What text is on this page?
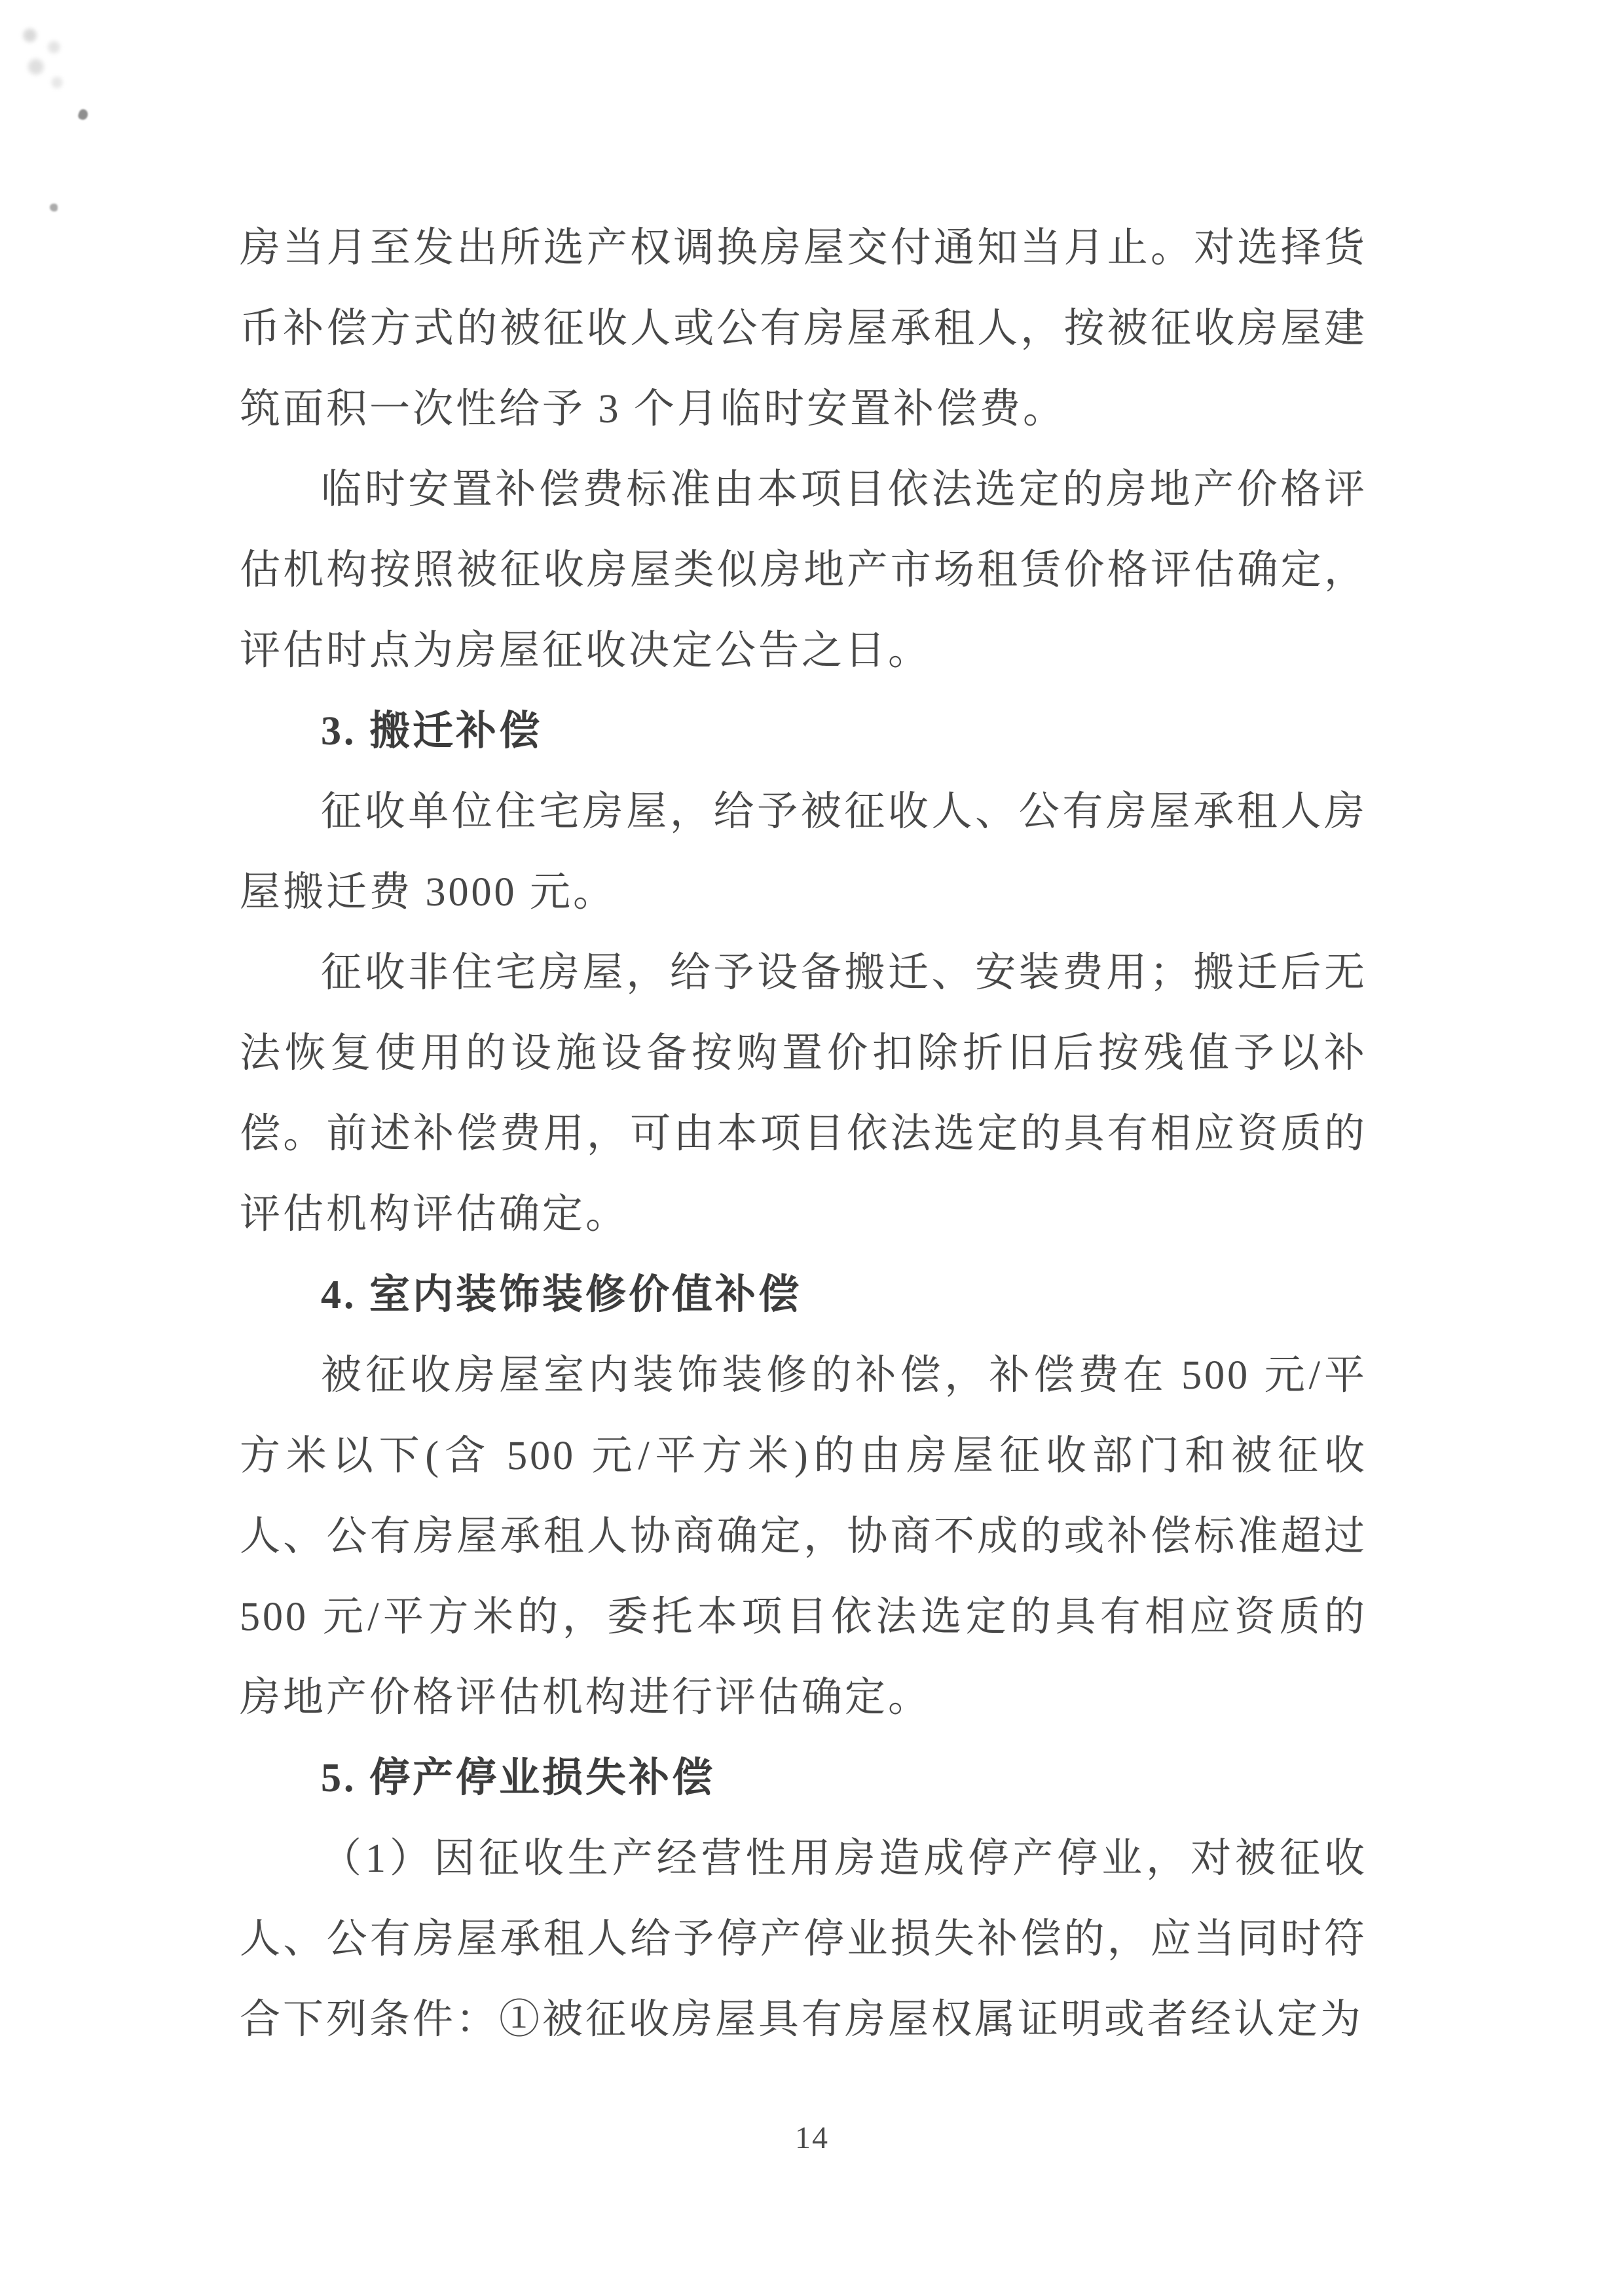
房当月至发出所选产权调换房屋交付通知当月止。对选择货币补偿方式的被征收人或公有房屋承租人，按被征收房屋建筑面积一次性给予 3 个月临时安置补偿费。

临时安置补偿费标准由本项目依法选定的房地产价格评估机构按照被征收房屋类似房地产市场租赁价格评估确定，评估时点为房屋征收决定公告之日。

3. 搬迁补偿

征收单位住宅房屋，给予被征收人、公有房屋承租人房屋搬迁费 3000 元。

征收非住宅房屋，给予设备搬迁、安装费用；搬迁后无法恢复使用的设施设备按购置价扣除折旧后按残值予以补偿。前述补偿费用，可由本项目依法选定的具有相应资质的评估机构评估确定。

4. 室内装饰装修价值补偿

被征收房屋室内装饰装修的补偿，补偿费在 500 元/平方米以下(含 500 元/平方米)的由房屋征收部门和被征收人、公有房屋承租人协商确定，协商不成的或补偿标准超过 500 元/平方米的，委托本项目依法选定的具有相应资质的房地产价格评估机构进行评估确定。

5. 停产停业损失补偿

（1）因征收生产经营性用房造成停产停业，对被征收人、公有房屋承租人给予停产停业损失补偿的，应当同时符合下列条件：①被征收房屋具有房屋权属证明或者经认定为

14
